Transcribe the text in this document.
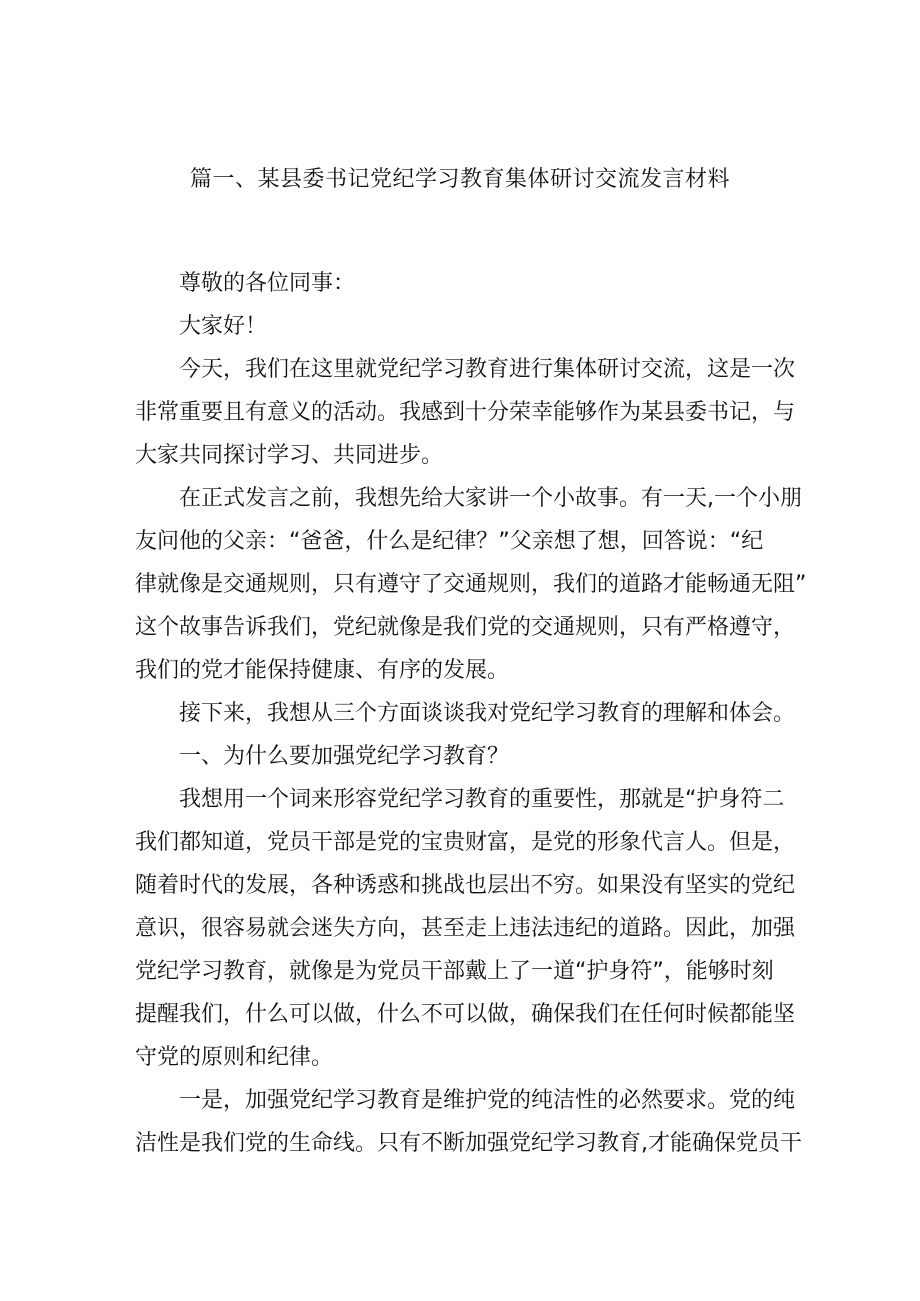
篇一、某县委书记党纪学习教育集体研讨交流发言材料
尊敬的各位同事：
大家好！
今天，我们在这里就党纪学习教育进行集体研讨交流，这是一次
非常重要且有意义的活动。我感到十分荣幸能够作为某县委书记，与
大家共同探讨学习、共同进步。
在正式发言之前，我想先给大家讲一个小故事。有一天,一个小朋
友问他的父亲：“爸爸，什么是纪律？”父亲想了想，回答说：“纪
律就像是交通规则，只有遵守了交通规则，我们的道路才能畅通无阻”
这个故事告诉我们，党纪就像是我们党的交通规则，只有严格遵守，
我们的党才能保持健康、有序的发展。
接下来，我想从三个方面谈谈我对党纪学习教育的理解和体会。
一、为什么要加强党纪学习教育？
我想用一个词来形容党纪学习教育的重要性，那就是“护身符二
我们都知道，党员干部是党的宝贵财富，是党的形象代言人。但是，
随着时代的发展，各种诱惑和挑战也层出不穷。如果没有坚实的党纪
意识，很容易就会迷失方向，甚至走上违法违纪的道路。因此，加强
党纪学习教育，就像是为党员干部戴上了一道“护身符”，能够时刻
提醒我们，什么可以做，什么不可以做，确保我们在任何时候都能坚
守党的原则和纪律。
一是，加强党纪学习教育是维护党的纯洁性的必然要求。党的纯
洁性是我们党的生命线。只有不断加强党纪学习教育,才能确保党员干
